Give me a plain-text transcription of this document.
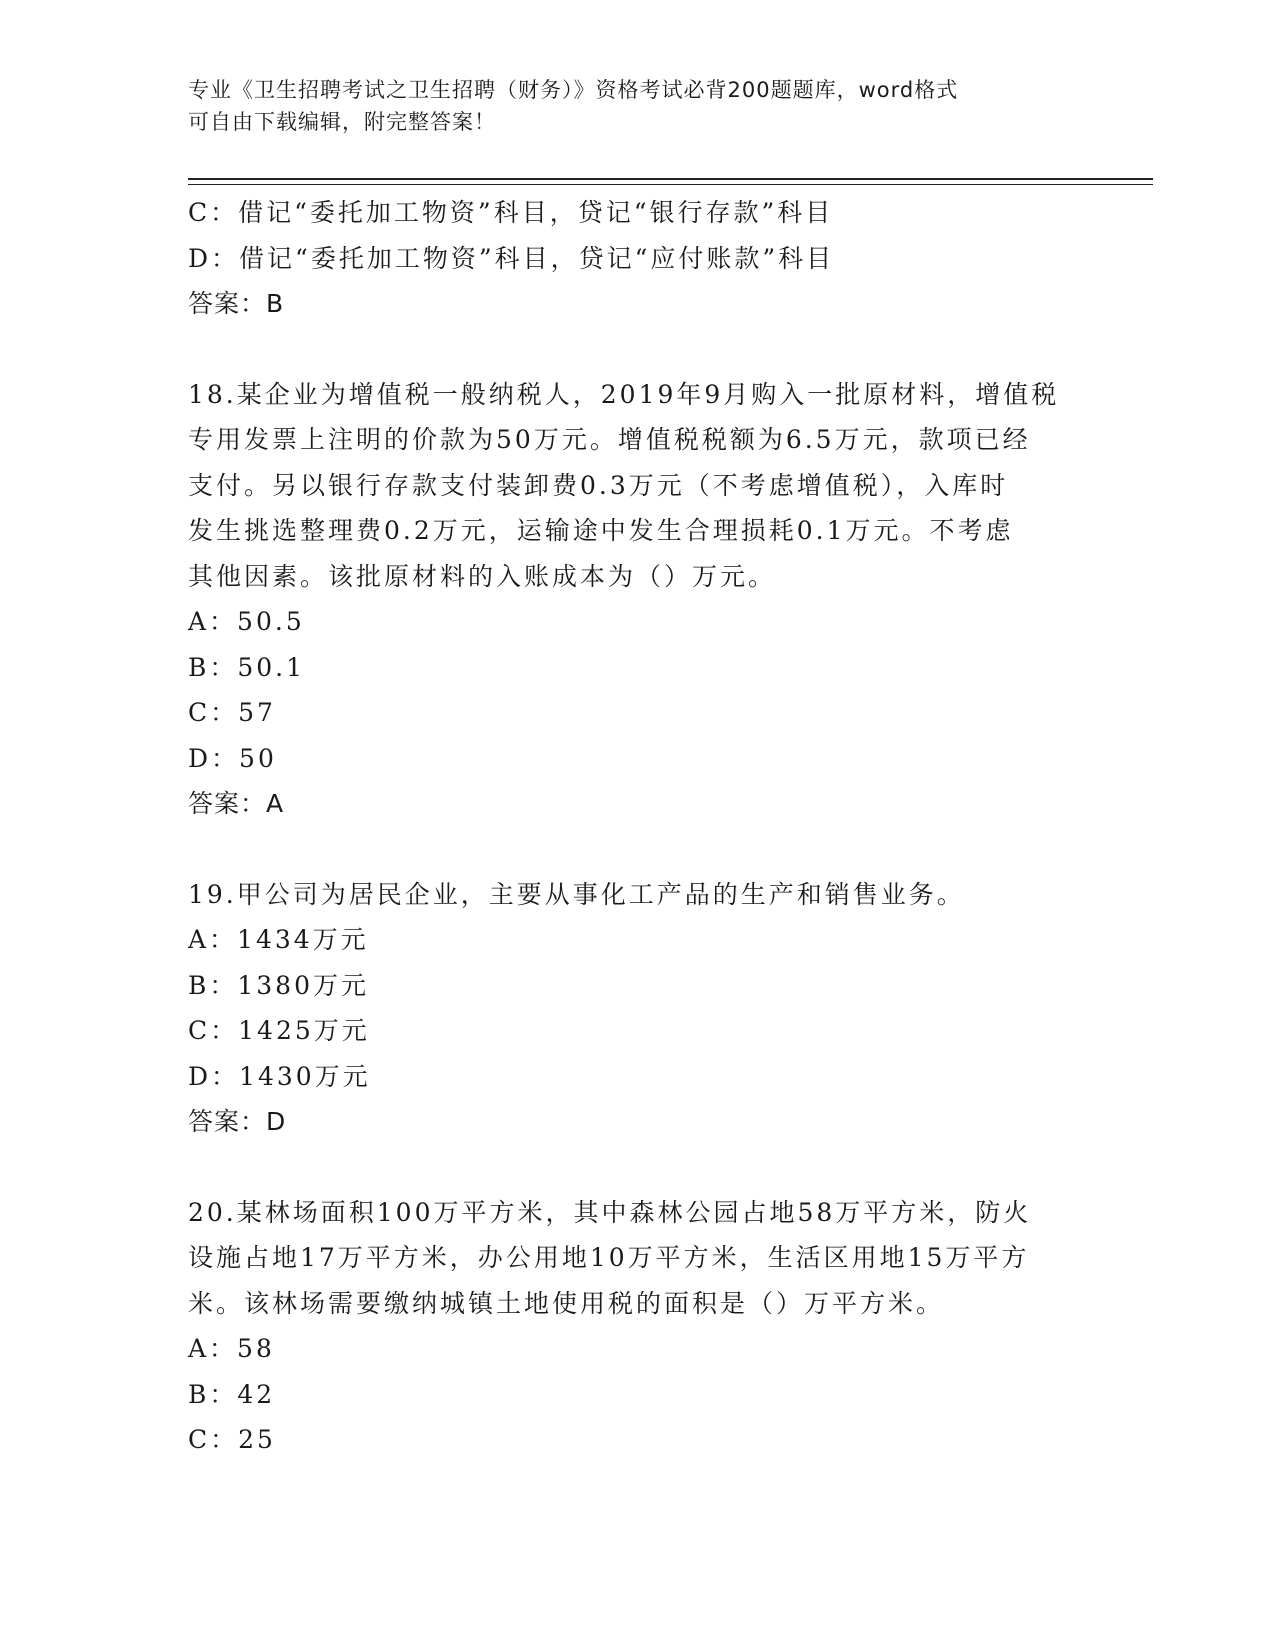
专业《卫生招聘考试之卫生招聘（财务）》资格考试必背200题题库，word格式
可自由下载编辑，附完整答案！

C：借记“委托加工物资”科目，贷记“银行存款”科目

D：借记“委托加工物资”科目，贷记“应付账款”科目

答案：B

18.某企业为增值税一般纳税人，2019年9月购入一批原材料，增值税

专用发票上注明的价款为50万元。增值税税额为6.5万元，款项已经

支付。另以银行存款支付装卸费0.3万元（不考虑增值税），入库时

发生挑选整理费0.2万元，运输途中发生合理损耗0.1万元。不考虑

其他因素。该批原材料的入账成本为（）万元。

A：50.5

B：50.1

C：57

D：50

答案：A

19.甲公司为居民企业，主要从事化工产品的生产和销售业务。

A：1434万元

B：1380万元

C：1425万元

D：1430万元

答案：D

20.某林场面积100万平方米，其中森林公园占地58万平方米，防火

设施占地17万平方米，办公用地10万平方米，生活区用地15万平方

米。该林场需要缴纳城镇土地使用税的面积是（）万平方米。

A：58

B：42

C：25
